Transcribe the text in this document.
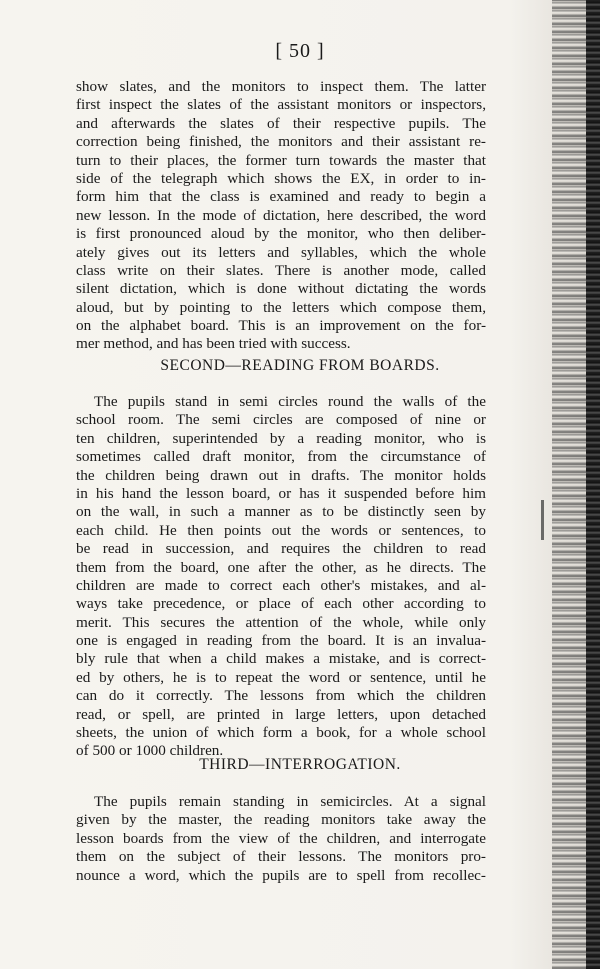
[ 50 ]
show slates, and the monitors to inspect them. The latter
first inspect the slates of the assistant monitors or inspectors,
and afterwards the slates of their respective pupils. The
correction being finished, the monitors and their assistant re-
turn to their places, the former turn towards the master that
side of the telegraph which shows the EX, in order to in-
form him that the class is examined and ready to begin a
new lesson. In the mode of dictation, here described, the word
is first pronounced aloud by the monitor, who then deliber-
ately gives out its letters and syllables, which the whole
class write on their slates. There is another mode, called
silent dictation, which is done without dictating the words
aloud, but by pointing to the letters which compose them,
on the alphabet board. This is an improvement on the for-
mer method, and has been tried with success.
SECOND—READING FROM BOARDS.
The pupils stand in semi circles round the walls of the
school room. The semi circles are composed of nine or
ten children, superintended by a reading monitor, who is
sometimes called draft monitor, from the circumstance of
the children being drawn out in drafts. The monitor holds
in his hand the lesson board, or has it suspended before him
on the wall, in such a manner as to be distinctly seen by
each child. He then points out the words or sentences, to
be read in succession, and requires the children to read
them from the board, one after the other, as he directs. The
children are made to correct each other's mistakes, and al-
ways take precedence, or place of each other according to
merit. This secures the attention of the whole, while only
one is engaged in reading from the board. It is an invalua-
bly rule that when a child makes a mistake, and is correct-
ed by others, he is to repeat the word or sentence, until he
can do it correctly. The lessons from which the children
read, or spell, are printed in large letters, upon detached
sheets, the union of which form a book, for a whole school
of 500 or 1000 children.
THIRD—INTERROGATION.
The pupils remain standing in semicircles. At a signal
given by the master, the reading monitors take away the
lesson boards from the view of the children, and interrogate
them on the subject of their lessons. The monitors pro-
nounce a word, which the pupils are to spell from recollec-
